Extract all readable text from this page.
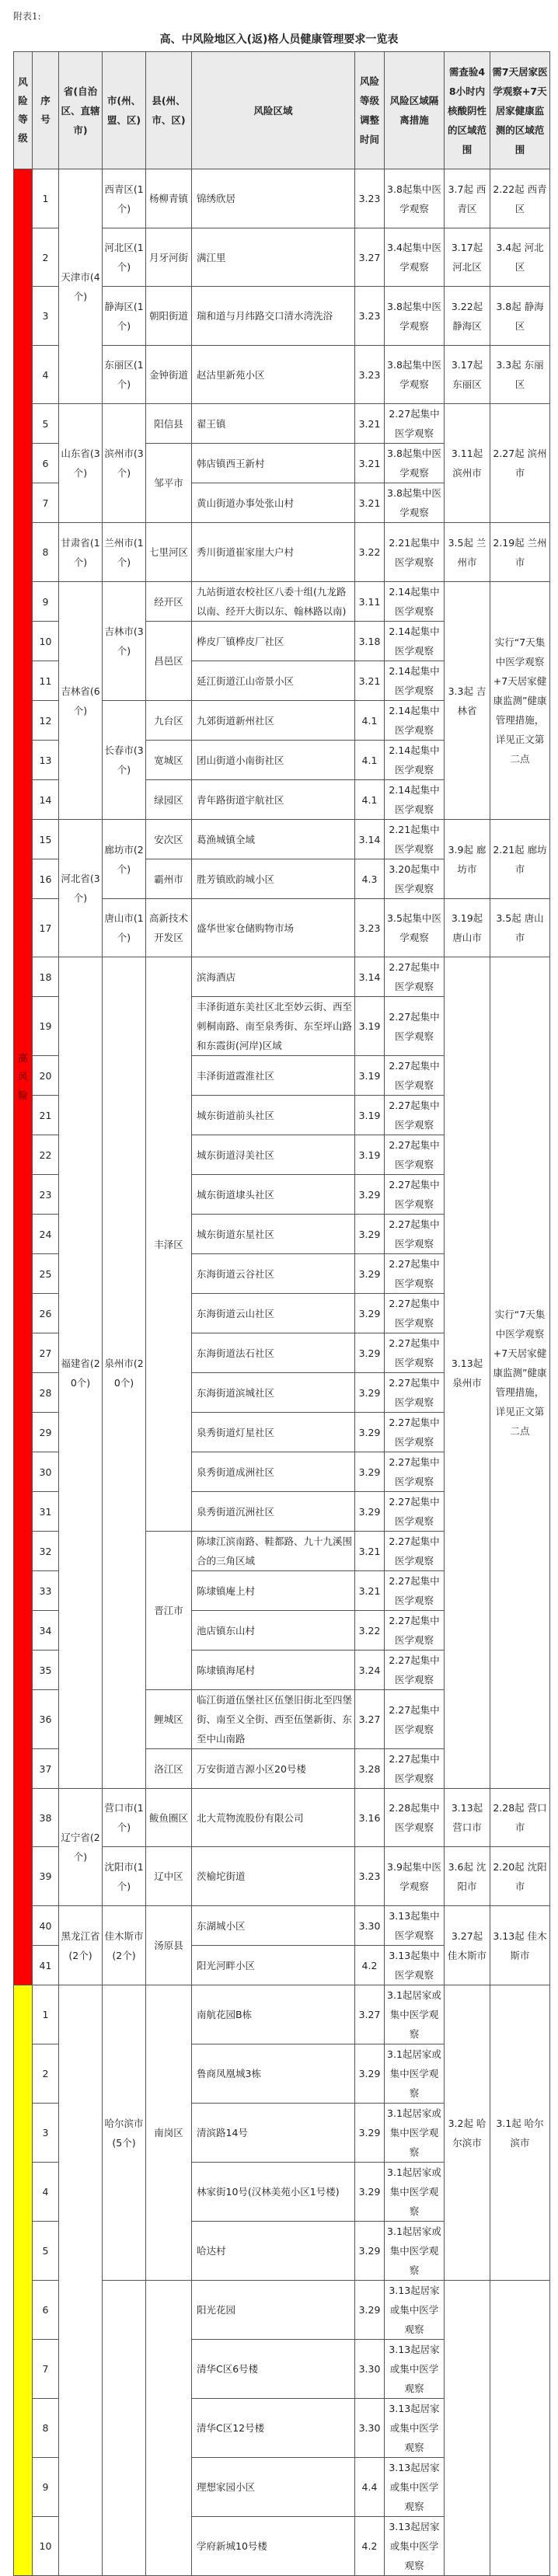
附表1:
高、中风险地区入(返)格人员健康管理要求一览表
风险等级	序号	省(自治区、直辖市)	市(州、盟、区)	县(州、市、区)	风险区域	风险等级调整时间	风险区域隔离措施	需查验48小时内核酸阴性的区域范围	需7天居家医学观察+7天居家健康监测的区域范围
高风险	1	天津市(4个)	西青区(1个)	杨柳青镇	锦绣欣居	3.23	3.8起集中医学观察	3.7起 西青区	2.22起 西青区
	2		河北区(1个)	月牙河街	满江里	3.27	3.4起集中医学观察	3.17起 河北区	3.4起 河北区
	3		静海区(1个)	朝阳街道	瑞和道与月纬路交口清水湾洗浴	3.23	3.8起集中医学观察	3.22起 静海区	3.8起 静海区
	4		东丽区(1个)	金钟街道	赵沽里新苑小区	3.23	3.8起集中医学观察	3.17起 东丽区	3.3起 东丽区
	5	山东省(3个)	滨州市(3个)	阳信县	翟王镇	3.21	2.27起集中医学观察	3.11起 滨州市	2.27起 滨州市
	6			邹平市	韩店镇西王新村	3.21	3.8起集中医学观察		
	7				黄山街道办事处张山村	3.21	3.8起集中医学观察		
	8	甘肃省(1个)	兰州市(1个)	七里河区	秀川街道崔家崖大户村	3.22	2.21起集中医学观察	3.5起 兰州市	2.19起 兰州市
	9	吉林省(6个)	吉林市(3个)	经开区	九站街道农校社区八委十组(九龙路以南、经开大街以东、翰林路以南)	3.11	2.14起集中医学观察	3.3起 吉林省	实行“7天集中医学观察+7天居家健康监测”健康管理措施，详见正文第二点
	10			昌邑区	桦皮厂镇桦皮厂社区	3.18	2.14起集中医学观察		
	11				延江街道江山帝景小区	3.21	2.14起集中医学观察		
	12		长春市(3个)	九台区	九郊街道新州社区	4.1	2.14起集中医学观察		
	13			宽城区	团山街道小南街社区	4.1	2.14起集中医学观察		
	14			绿园区	青年路街道宇航社区	4.1	2.14起集中医学观察		
	15	河北省(3个)	廊坊市(2个)	安次区	葛渔城镇全域	3.14	2.21起集中医学观察	3.9起 廊坊市	2.21起 廊坊市
	16			霸州市	胜芳镇欧韵城小区	4.3	3.20起集中医学观察		
	17		唐山市(1个)	高新技术开发区	盛华世家仓储购物市场	3.23	3.5起集中医学观察	3.19起 唐山市	3.5起 唐山市
	18	福建省(20个)	泉州市(20个)	丰泽区	滨海酒店	3.14	2.27起集中医学观察	3.13起 泉州市	实行“7天集中医学观察+7天居家健康监测”健康管理措施，详见正文第二点
	19				丰泽街道东美社区北至妙云街、西至刺桐南路、南至泉秀街、东至坪山路和东霞街(河岸)区域	3.19	2.27起集中医学观察		
	20				丰泽街道霞淮社区	3.19	2.27起集中医学观察		
	21				城东街道前头社区	3.19	2.27起集中医学观察		
	22				城东街道浔美社区	3.19	2.27起集中医学观察		
	23				城东街道埭头社区	3.29	2.27起集中医学观察		
	24				城东街道东星社区	3.29	2.27起集中医学观察		
	25				东海街道云谷社区	3.29	2.27起集中医学观察		
	26				东海街道云山社区	3.29	2.27起集中医学观察		
	27				东海街道法石社区	3.29	2.27起集中医学观察		
	28				东海街道滨城社区	3.29	2.27起集中医学观察		
	29				泉秀街道灯星社区	3.29	2.27起集中医学观察		
	30				泉秀街道成洲社区	3.29	2.27起集中医学观察		
	31				泉秀街道沉洲社区	3.29	2.27起集中医学观察		
	32			晋江市	陈埭江滨南路、鞋都路、九十九溪围合的三角区域	3.21	2.27起集中医学观察		
	33				陈埭镇庵上村	3.21	2.27起集中医学观察		
	34				池店镇东山村	3.22	2.27起集中医学观察		
	35				陈埭镇海尾村	3.24	2.27起集中医学观察		
	36			鲤城区	临江街道伍堡社区伍堡旧街北至四堡街、南至义全街、西至伍堡新街、东至中山南路	3.27	2.27起集中医学观察		
	37			洛江区	万安街道吉源小区20号楼	3.28	2.27起集中医学观察		
	38	辽宁省(2个)	营口市(1个)	鲅鱼圈区	北大荒物流股份有限公司	3.16	2.28起集中医学观察	3.13起 营口市	2.28起 营口市
	39		沈阳市(1个)	辽中区	茨榆坨街道	3.23	3.9起集中医学观察	3.6起 沈阳市	2.20起 沈阳市
	40	黑龙江省(2个)	佳木斯市(2个)	汤原县	东湖城小区	3.30	3.13起集中医学观察	3.27起 佳木斯市	3.13起 佳木斯市
	41				阳光河畔小区	4.2	3.13起集中医学观察		
	1		哈尔滨市(5个)	南岗区	南航花园B栋	3.27	3.1起居家或集中医学观察	3.2起 哈尔滨市	3.1起 哈尔滨市
	2				鲁商凤凰城3栋	3.29	3.1起居家或集中医学观察		
	3				清滨路14号	3.29	3.1起居家或集中医学观察		
	4				林家街10号(汉林美苑小区1号楼)	3.29	3.1起居家或集中医学观察		
	5				哈达村	3.29	3.1起居家或集中医学观察		
	6				阳光花园	3.29	3.13起居家或集中医学观察		
	7				清华C区6号楼	3.30	3.13起居家或集中医学观察		
	8				清华C区12号楼	3.30	3.13起居家或集中医学观察		
	9				理想家园小区	4.4	3.13起居家或集中医学观察		
	10				学府新城10号楼	4.2	3.13起居家或集中医学观察		
